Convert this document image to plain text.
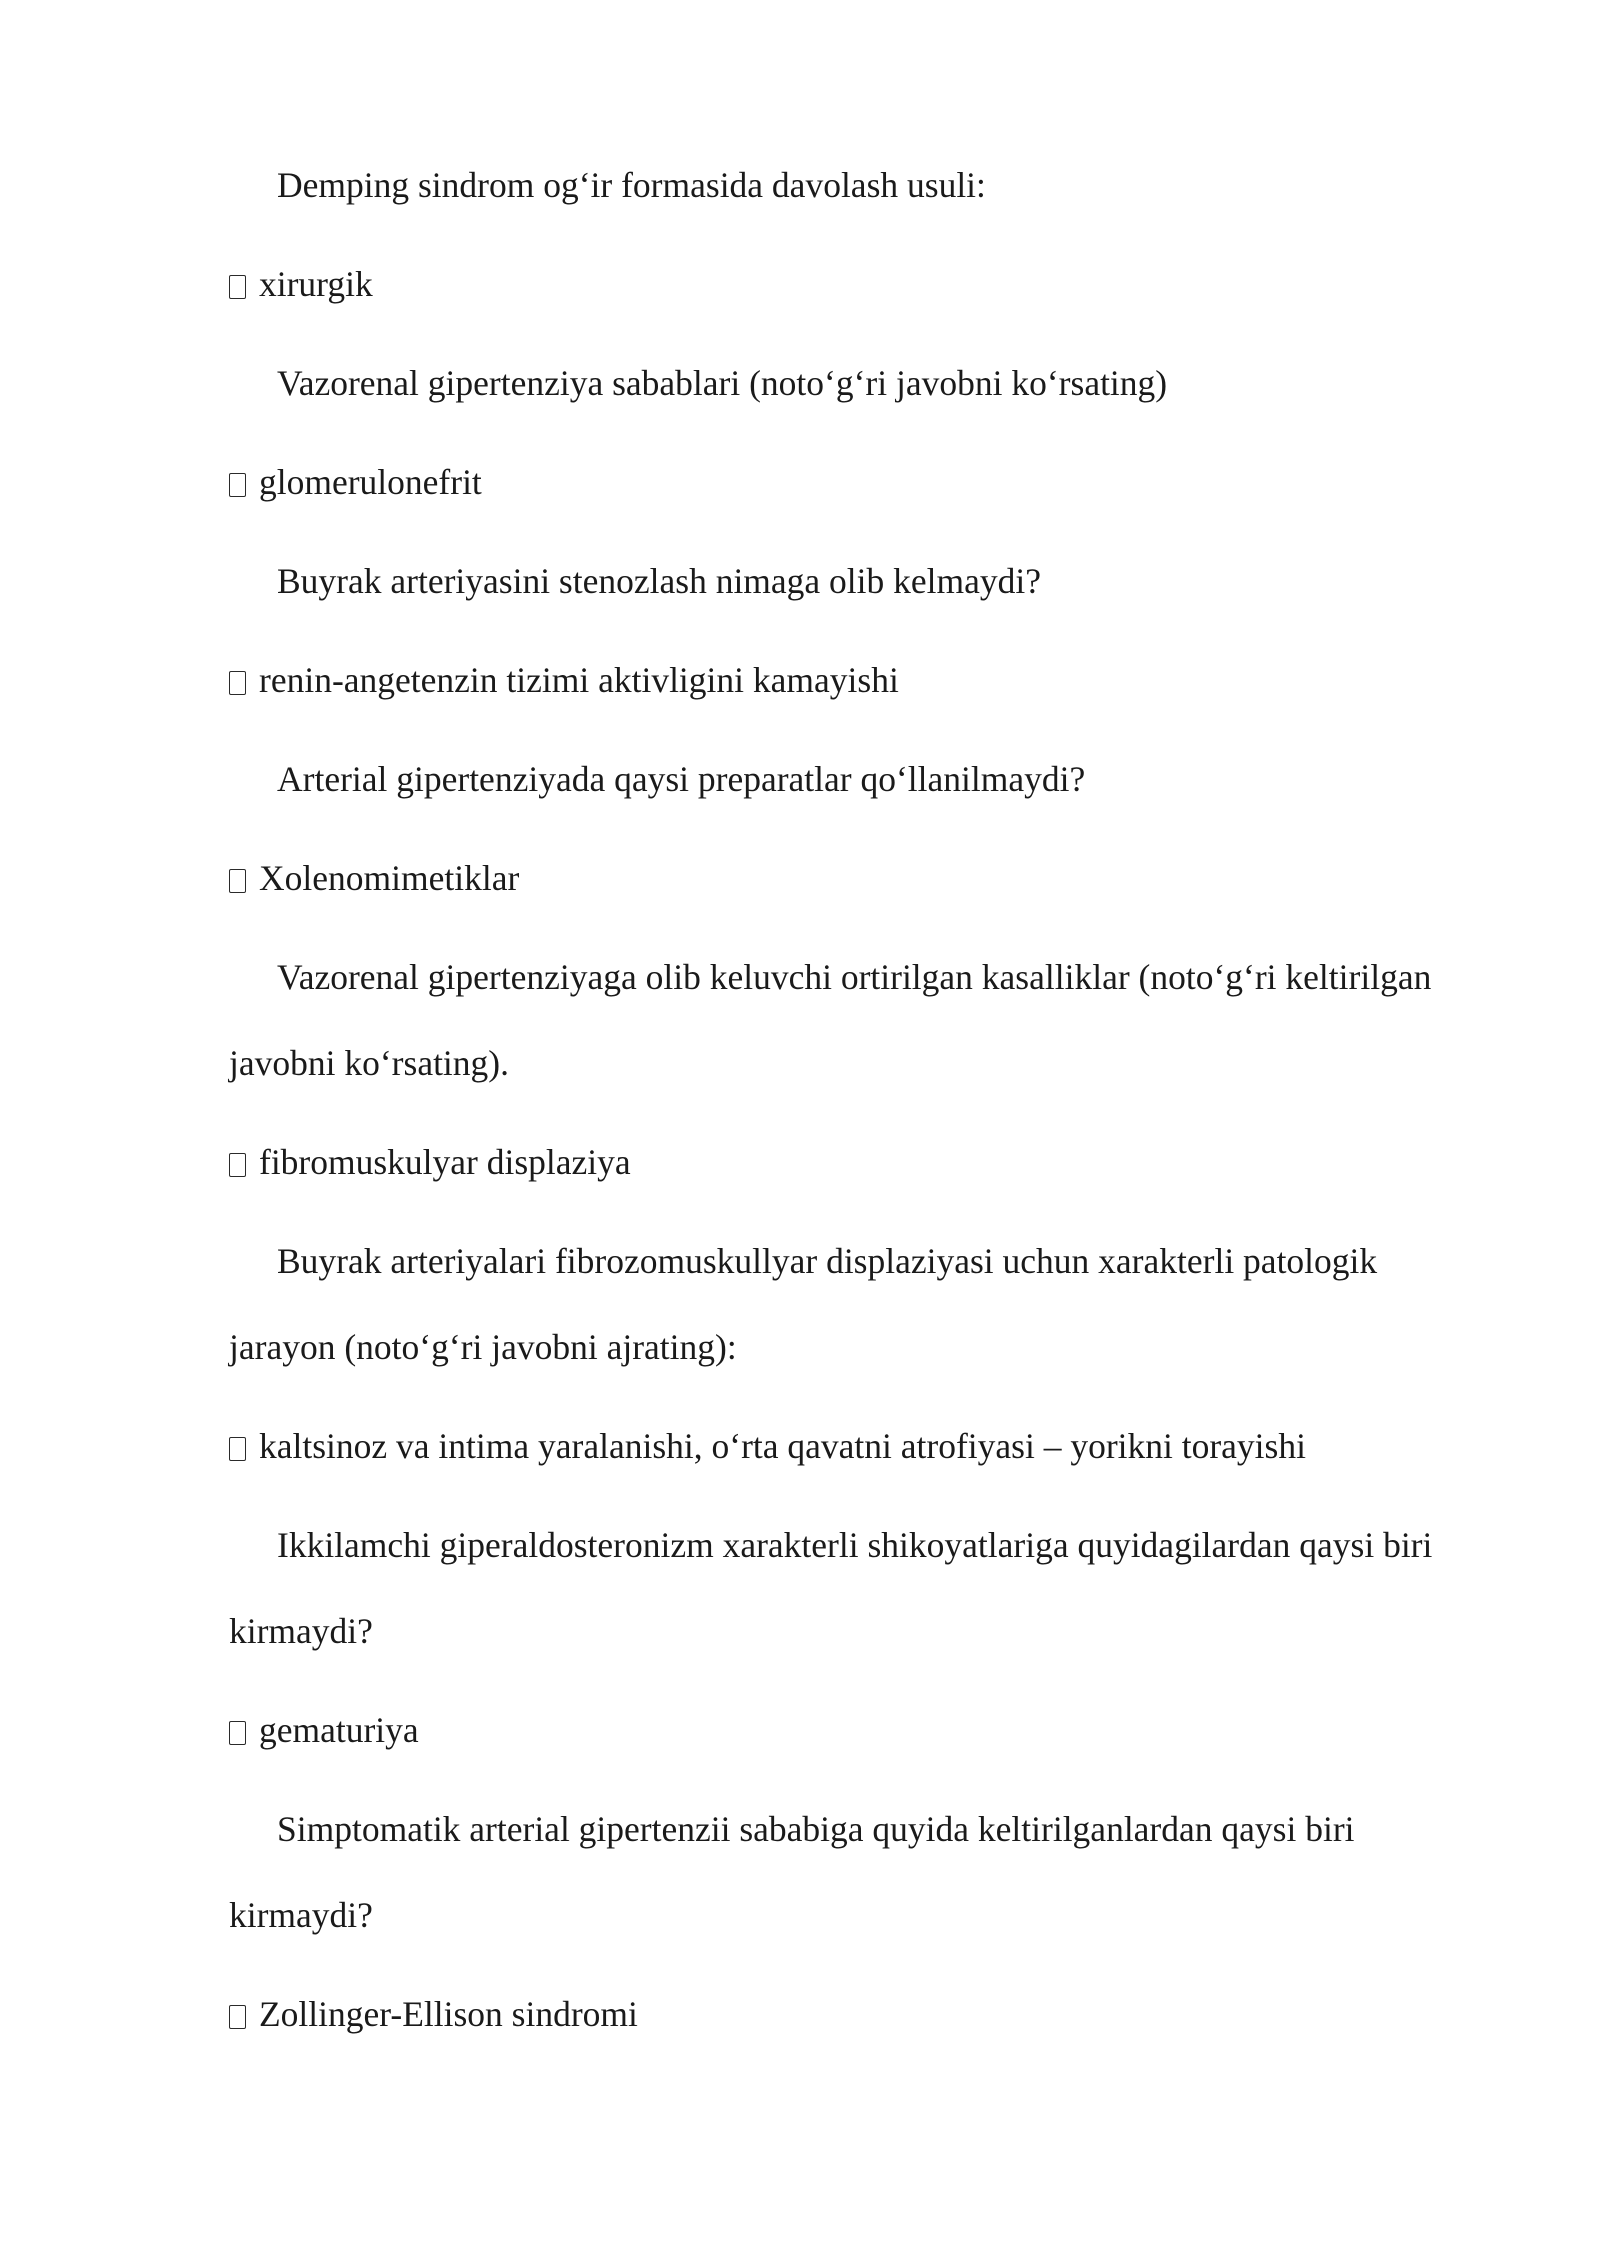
Demping sindrom og‘ir formasida davolash usuli:

xirurgik

Vazorenal gipertenziya sabablari (noto‘g‘ri javobni ko‘rsating)

glomerulonefrit

Buyrak arteriyasini stenozlash nimaga olib kelmaydi?

renin-angetenzin tizimi aktivligini kamayishi

Arterial gipertenziyada qaysi preparatlar qo‘llanilmaydi?

Xolenomimetiklar

Vazorenal gipertenziyaga olib keluvchi ortirilgan kasalliklar (noto‘g‘ri keltirilgan javobni ko‘rsating).

fibromuskulyar displaziya

Buyrak arteriyalari fibrozomuskullyar displaziyasi uchun xarakterli patologik jarayon (noto‘g‘ri javobni ajrating):

kaltsinoz va intima yaralanishi, o‘rta qavatni atrofiyasi – yorikni torayishi

Ikkilamchi giperaldosteronizm xarakterli shikoyatlariga quyidagilardan qaysi biri kirmaydi?

gematuriya

Simptomatik arterial gipertenzii sababiga quyida keltirilganlardan qaysi biri kirmaydi?

Zollinger-Ellison sindromi
